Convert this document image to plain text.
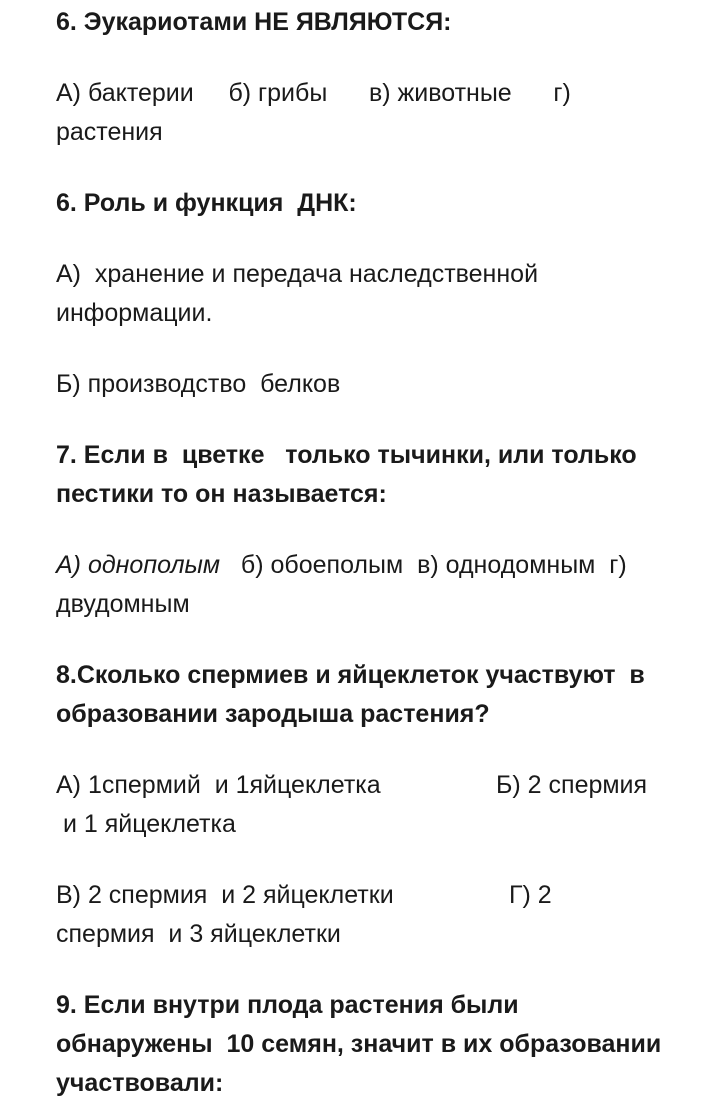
6. Эукариотами НЕ ЯВЛЯЮТСЯ:
А) бактерии     б) грибы      в) животные      г)
растения
6. Роль и функция  ДНК:
А)  хранение и передача наследственной
информации.
Б) производство  белков
7. Если в  цветке   только тычинки, или только
пестики то он называется:
А) однополым   б) обоеполым  в) однодомным  г)
двудомным
8.Сколько спермиев и яйцеклеток участвуют  в
образовании зародыша растения?
А) 1спермий  и 1яйцеклетка	Б) 2 спермия
и 1 яйцеклетка
В) 2 спермия  и 2 яйцеклетки	Г) 2
спермия  и 3 яйцеклетки
9. Если внутри плода растения были
обнаружены  10 семян, значит в их образовании
участвовали:
